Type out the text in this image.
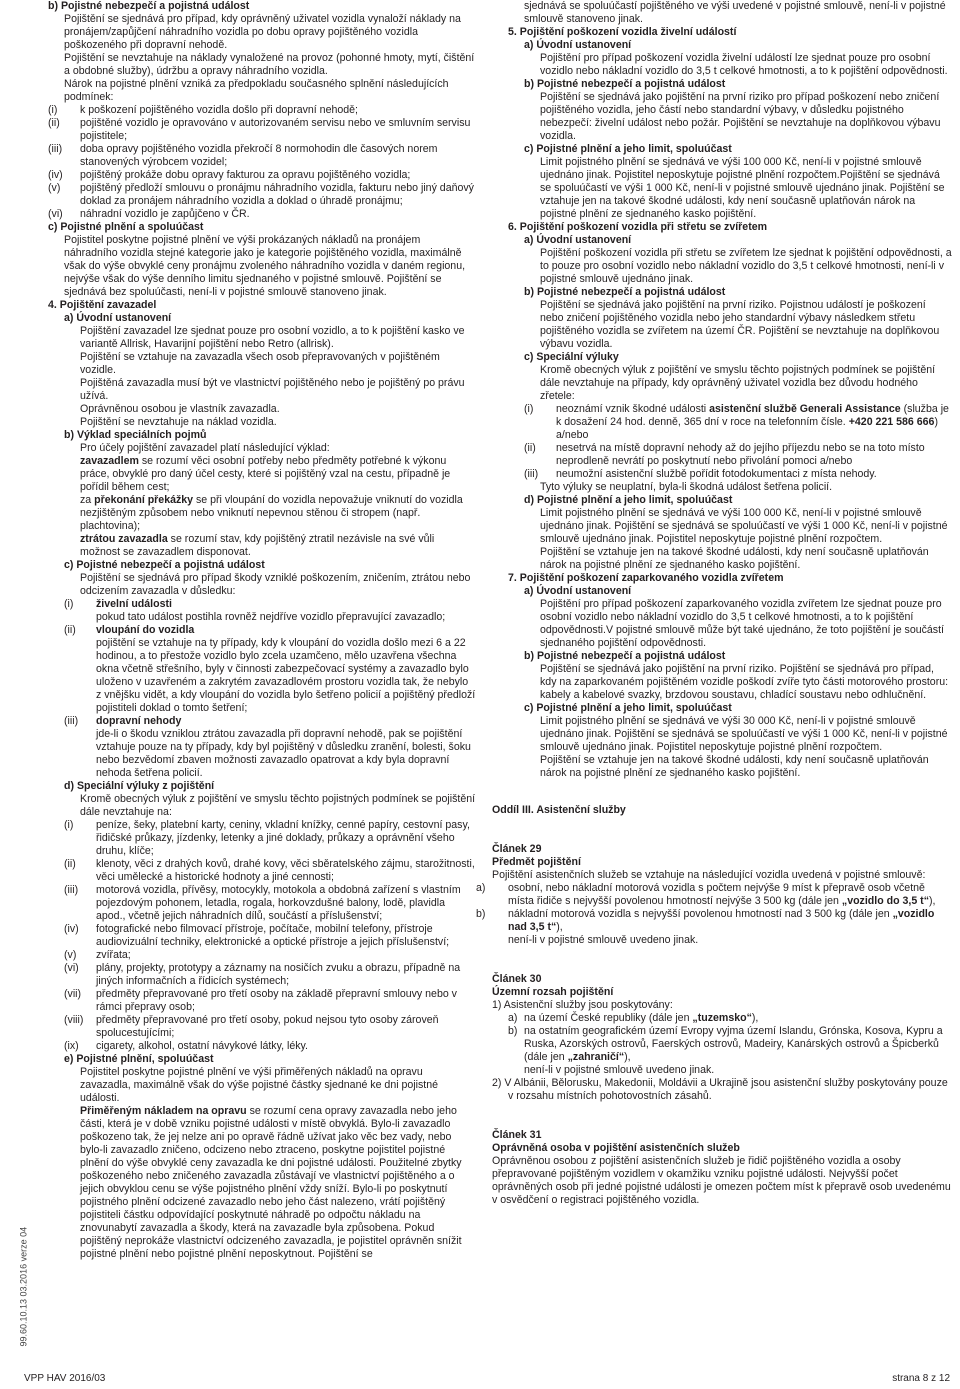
b) Pojistné nebezpečí a pojistná událost

Pojištění se sjednává pro případ, kdy oprávněný uživatel vozidla vynaloží náklady na pronájem/zapůjčení náhradního vozidla po dobu opravy pojištěného vozidla poškozeného při dopravní nehodě.

Pojištění se nevztahuje na náklady vynaložené na provoz (pohonné hmoty, mytí, čištění a obdobné služby), údržbu a opravy náhradního vozidla.

Nárok na pojistné plnění vzniká za předpokladu současného splnění následujících podmínek:

(i) k poškození pojištěného vozidla došlo při dopravní nehodě;
(ii) pojištěné vozidlo je opravováno v autorizovaném servisu nebo ve smluvním servisu pojistitele;
(iii) doba opravy pojištěného vozidla překročí 8 normohodin dle časových norem stanovených výrobcem vozidel;
(iv) pojištěný prokáže dobu opravy fakturou za opravu pojištěného vozidla;
(v) pojištěný předloží smlouvu o pronájmu náhradního vozidla, fakturu nebo jiný daňový doklad za pronájem náhradního vozidla a doklad o úhradě pronájmu;
(vi) náhradní vozidlo je zapůjčeno v ČR.
c) Pojistné plnění a spoluúčast

Pojistitel poskytne pojistné plnění ve výši prokázaných nákladů na pronájem náhradního vozidla stejné kategorie jako je kategorie pojištěného vozidla, maximálně však do výše obvyklé ceny pronájmu zvoleného náhradního vozidla v daném regionu, nejvýše však do výše denního limitu sjednaného v pojistné smlouvě. Pojištění se sjednává bez spoluúčasti, není-li v pojistné smlouvě stanoveno jinak.

4. Pojištění zavazadel
a) Úvodní ustanovení

Pojištění zavazadel lze sjednat pouze pro osobní vozidlo, a to k pojištění kasko ve variantě Allrisk, Havarijní pojištění nebo Retro (allrisk).

Pojištění se vztahuje na zavazadla všech osob přepravovaných v pojištěném vozidle.

Pojištěná zavazadla musí být ve vlastnictví pojištěného nebo je pojištěný po právu užívá.

Oprávněnou osobou je vlastník zavazadla.

Pojištění se nevztahuje na náklad vozidla.

b) Výklad speciálních pojmů

Pro účely pojištění zavazadel platí následující výklad:

zavazadlem se rozumí věci osobní potřeby nebo předměty potřebné k výkonu práce, obvyklé pro daný účel cesty, které si pojištěný vzal na cestu, případně je pořídil během cest;

za překonání překážky se při vloupání do vozidla nepovažuje vniknutí do vozidla nezjištěným způsobem nebo vniknutí nepevnou stěnou či stropem (např. plachtovina);

ztrátou zavazadla se rozumí stav, kdy pojištěný ztratil nezávisle na své vůli možnost se zavazadlem disponovat.

c) Pojistné nebezpečí a pojistná událost

Pojištění se sjednává pro případ škody vzniklé poškozením, zničením, ztrátou nebo odcizením zavazadla v důsledku:

(i) živelní události
pokud tato událost postihla rovněž nejdříve vozidlo přepravující zavazadlo;
(ii) vloupání do vozidla
pojištění se vztahuje na ty případy, kdy k vloupání do vozidla došlo mezi 6 a 22 hodinou, a to přestože vozidlo bylo zcela uzamčeno, mělo uzavřena všechna okna včetně střešního, byly v činnosti zabezpečovací systémy a zavazadlo bylo uloženo v uzavřeném a zakrytém zavazadlovém prostoru vozidla tak, že nebylo z vnějšku vidět, a kdy vloupání do vozidla bylo šetřeno policií a pojištěný předloží pojistiteli doklad o tomto šetření;
(iii) dopravní nehody
jde-li o škodu vzniklou ztrátou zavazadla při dopravní nehodě, pak se pojištění vztahuje pouze na ty případy, kdy byl pojištěný v důsledku zranění, bolesti, šoku nebo bezvědomí zbaven možnosti zavazadlo opatrovat a kdy byla dopravní nehoda šetřena policií.
d) Speciální výluky z pojištění

Kromě obecných výluk z pojištění ve smyslu těchto pojistných podmínek se pojištění dále nevztahuje na:

(i) peníze, šeky, platební karty, ceniny, vkladní knížky, cenné papíry, cestovní pasy, řidičské průkazy, jízdenky, letenky a jiné doklady, průkazy a oprávnění všeho druhu, klíče;
(ii) klenoty, věci z drahých kovů, drahé kovy, věci sběratelského zájmu, starožitnosti, věci umělecké a historické hodnoty a jiné cennosti;
(iii) motorová vozidla, přívěsy, motocykly, motokola a obdobná zařízení s vlastním pojezdovým pohonem, letadla, rogala, horkovzdušné balony, lodě, plavidla apod., včetně jejich náhradních dílů, součástí a příslušenství;
(iv) fotografické nebo filmovací přístroje, počítače, mobilní telefony, přístroje audiovizuální techniky, elektronické a optické přístroje a jejich příslušenství;
(v) zvířata;
(vi) plány, projekty, prototypy a záznamy na nosičích zvuku a obrazu, případně na jiných informačních a řídicích systémech;
(vii) předměty přepravované pro třetí osoby na základě přepravní smlouvy nebo v rámci přepravy osob;
(viii) předměty přepravované pro třetí osoby, pokud nejsou tyto osoby zároveň spolucestujícími;
(ix) cigarety, alkohol, ostatní návykové látky, léky.
e) Pojistné plnění, spoluúčast

Pojistitel poskytne pojistné plnění ve výši přiměřených nákladů na opravu zavazadla, maximálně však do výše pojistné částky sjednané ke dni pojistné události.

Přiměřeným nákladem na opravu se rozumí cena opravy zavazadla nebo jeho části, která je v době vzniku pojistné události v místě obvyklá. Bylo-li zavazadlo poškozeno tak, že jej nelze ani po opravě řádně užívat jako věc bez vady, nebo bylo-li zavazadlo zničeno, odcizeno nebo ztraceno, poskytne pojistitel pojistné plnění do výše obvyklé ceny zavazadla ke dni pojistné události. Použitelné zbytky poškozeného nebo zničeného zavazadla zůstávají ve vlastnictví pojištěného a o jejich obvyklou cenu se výše pojistného plnění vždy sníží. Bylo-li po poskytnutí pojistného plnění odcizené zavazadlo nebo jeho část nalezeno, vrátí pojištěný pojistiteli částku odpovídající poskytnuté náhradě po odpočtu nákladu na znovunabytí zavazadla a škody, která na zavazadle byla způsobena. Pokud pojištěný neprokáže vlastnictví odcizeného zavazadla, je pojistitel oprávněn snížit pojistné plnění nebo pojistné plnění neposkytnout. Pojištění se

sjednává se spoluúčastí pojištěného ve výši uvedené v pojistné smlouvě, není-li v pojistné smlouvě stanoveno jinak.

5. Pojištění poškození vozidla živelní událostí
a) Úvodní ustanovení

Pojištění pro případ poškození vozidla živelní událostí lze sjednat pouze pro osobní vozidlo nebo nákladní vozidlo do 3,5 t celkové hmotnosti, a to k pojištění odpovědnosti.

b) Pojistné nebezpečí a pojistná událost

Pojištění se sjednává jako pojištění na první riziko pro případ poškození nebo zničení pojištěného vozidla, jeho částí nebo standardní výbavy, v důsledku pojistného nebezpečí: živelní událost nebo požár. Pojištění se nevztahuje na doplňkovou výbavu vozidla.

c) Pojistné plnění a jeho limit, spoluúčast

Limit pojistného plnění se sjednává ve výši 100 000 Kč, není-li v pojistné smlouvě ujednáno jinak. Pojistitel neposkytuje pojistné plnění rozpočtem.Pojištění se sjednává se spoluúčastí ve výši 1 000 Kč, není-li v pojistné smlouvě ujednáno jinak. Pojištění se vztahuje jen na takové škodné události, kdy není současně uplatňován nárok na pojistné plnění ze sjednaného kasko pojištění.

6. Pojištění poškození vozidla při střetu se zvířetem
a) Úvodní ustanovení

Pojištění poškození vozidla při střetu se zvířetem lze sjednat k pojištění odpovědnosti, a to pouze pro osobní vozidlo nebo nákladní vozidlo do 3,5 t celkové hmotnosti, není-li v pojistné smlouvě ujednáno jinak.

b) Pojistné nebezpečí a pojistná událost

Pojištění se sjednává jako pojištění na první riziko. Pojistnou událostí je poškození nebo zničení pojištěného vozidla nebo jeho standardní výbavy následkem střetu pojištěného vozidla se zvířetem na území ČR. Pojištění se nevztahuje na doplňkovou výbavu vozidla.

c) Speciální výluky

Kromě obecných výluk z pojištění ve smyslu těchto pojistných podmínek se pojištění dále nevztahuje na případy, kdy oprávněný uživatel vozidla bez důvodu hodného zřetele:

(i) neoznámí vznik škodné události asistenční službě Generali Assistance (služba je k dosažení 24 hod. denně, 365 dní v roce na telefonním čísle. +420 221 586 666) a/nebo
(ii) nesetrvá na místě dopravní nehody až do jejího příjezdu nebo se na toto místo neprodleně nevrátí po poskytnutí nebo přivolání pomoci a/nebo
(iii) neumožní asistenční službě pořídit fotodokumentaci z místa nehody.

Tyto výluky se neuplatní, byla-li škodná událost šetřena policií.

d) Pojistné plnění a jeho limit, spoluúčast

Limit pojistného plnění se sjednává ve výši 100 000 Kč, není-li v pojistné smlouvě ujednáno jinak. Pojištění se sjednává se spoluúčastí ve výši 1 000 Kč, není-li v pojistné smlouvě ujednáno jinak. Pojistitel neposkytuje pojistné plnění rozpočtem.

Pojištění se vztahuje jen na takové škodné události, kdy není současně uplatňován nárok na pojistné plnění ze sjednaného kasko pojištění.

7. Pojištění poškození zaparkovaného vozidla zvířetem
a) Úvodní ustanovení

Pojištění pro případ poškození zaparkovaného vozidla zvířetem lze sjednat pouze pro osobní vozidlo nebo nákladní vozidlo do 3,5 t celkové hmotnosti, a to k pojištění odpovědnosti.V pojistné smlouvě může být také ujednáno, že toto pojištění je součástí sjednaného pojištění odpovědnosti.

b) Pojistné nebezpečí a pojistná událost

Pojištění se sjednává jako pojištění na první riziko. Pojištění se sjednává pro případ, kdy na zaparkovaném pojištěném vozidle poškodí zvíře tyto části motorového prostoru: kabely a kabelové svazky, brzdovou soustavu, chladící soustavu nebo odhlučnění.

c) Pojistné plnění a jeho limit, spoluúčast

Limit pojistného plnění se sjednává ve výši 30 000 Kč, není-li v pojistné smlouvě ujednáno jinak. Pojištění se sjednává se spoluúčastí ve výši 1 000 Kč, není-li v pojistné smlouvě ujednáno jinak. Pojistitel neposkytuje pojistné plnění rozpočtem.

Pojištění se vztahuje jen na takové škodné události, kdy není současně uplatňován nárok na pojistné plnění ze sjednaného kasko pojištění.

Oddíl III. Asistenční služby
Článek 29
Předmět pojištění

Pojištění asistenčních služeb se vztahuje na následující vozidla uvedená v pojistné smlouvě:

a) osobní, nebo nákladní motorová vozidla s počtem nejvýše 9 míst k přepravě osob včetně místa řidiče s nejvyšší povolenou hmotností nejvýše 3 500 kg (dále jen „vozidlo do 3,5 t“),
b) nákladní motorová vozidla s nejvyšší povolenou hmotností nad 3 500 kg (dále jen „vozidlo nad 3,5 t“),
není-li v pojistné smlouvě uvedeno jinak.
Článek 30
Územní rozsah pojištění
1) Asistenční služby jsou poskytovány:
a) na území České republiky (dále jen „tuzemsko“),
b) na ostatním geografickém území Evropy vyjma území Islandu, Grónska, Kosova, Kypru a Ruska, Azorských ostrovů, Faerských ostrovů, Madeiry, Kanárských ostrovů a Špicberků (dále jen „zahraničí“),
není-li v pojistné smlouvě uvedeno jinak.
2) V Albánii, Bělorusku, Makedonii, Moldávii a Ukrajině jsou asistenční služby poskytovány pouze v rozsahu místních pohotovostních zásahů.
Článek 31
Oprávněná osoba v pojištění asistenčních služeb

Oprávněnou osobou z pojištění asistenčních služeb je řidič pojištěného vozidla a osoby přepravované pojištěným vozidlem v okamžiku vzniku pojistné události. Nejvyšší počet oprávněných osob při jedné pojistné události je omezen počtem míst k přepravě osob uvedenému v osvědčení o registraci pojištěného vozidla.

99.60.10.13 03.2016 verze 04
VPP HAV 2016/03	strana 8 z 12
